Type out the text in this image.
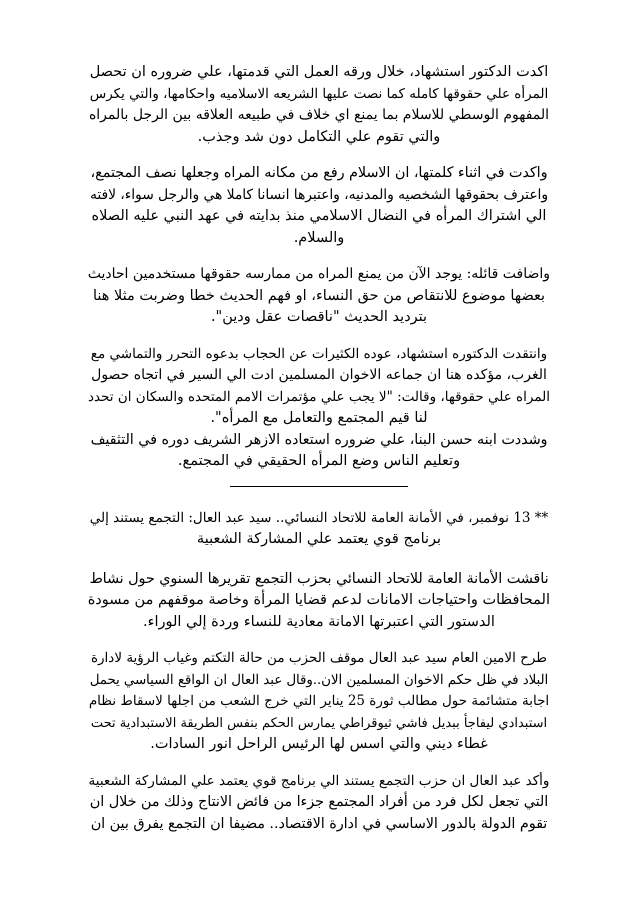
اكدت الدكتور استشهاد، خلال ورقه العمل التي قدمتها، علي ضروره ان تحصل
المرأه علي حقوقها كامله كما نصت عليها الشريعه الاسلاميه واحكامها، والتي يكرس
المفهوم الوسطي للاسلام بما يمنع اي خلاف في طبيعه العلاقه بين الرجل بالمراه
والتي تقوم علي التكامل دون شد وجذب.

واكدت في اثناء كلمتها، ان الاسلام رفع من مكانه المراه وجعلها نصف المجتمع،
واعترف بحقوقها الشخصيه والمدنيه، واعتبرها انسانا كاملا هي والرجل سواء، لافته
الي اشتراك المرأه في النضال الاسلامي منذ بدايته في عهد النبي عليه الصلاه
والسلام.

واضافت قائله: يوجد الآن من يمنع المراه من ممارسه حقوقها مستخدمين احاديث
بعضها موضوع للانتقاص من حق النساء، او فهم الحديث خطا وضربت مثلا هنا
بترديد الحديث "ناقصات عقل ودين".

وانتقدت الدكتوره استشهاد، عوده الكثيرات عن الحجاب بدعوه التحرر والتماشي مع
الغرب، مؤكده هنا ان جماعه الاخوان المسلمين ادت الي السير في اتجاه حصول
المراه علي حقوقها، وقالت: "لا يجب علي مؤتمرات الامم المتحده والسكان ان تحدد
لنا قيم المجتمع والتعامل مع المرأه".
وشددت ابنه حسن البنا، علي ضروره استعاده الازهر الشريف دوره في التثقيف
وتعليم الناس وضع المرأه الحقيقي في المجتمع.

** 13 نوفمبر، في الأمانة العامة للاتحاد النسائي.. سيد عبد العال: التجمع يستند إلي
برنامج قوي يعتمد علي المشاركة الشعبية

ناقشت الأمانة العامة للاتحاد النسائي بحزب التجمع تقريرها السنوي حول نشاط
المحافظات واحتياجات الامانات لدعم قضايا المرأة وخاصة موقفهم من مسودة
الدستور التي اعتبرتها الامانة معادية للنساء وردة إلي الوراء.

طرح الامين العام سيد عبد العال موقف الحزب من حالة التكتم وغياب الرؤية لادارة
البلاد في ظل حكم الاخوان المسلمين الان..وقال عبد العال ان الواقع السياسي يحمل
اجابة متشائمة حول مطالب ثورة 25 يناير التي خرج الشعب من اجلها لاسقاط نظام
استبدادي ليفاجأ ببديل فاشي ثيوقراطي يمارس الحكم بنفس الطريقة الاستبدادية تحت
غطاء ديني والتي اسس لها الرئيس الراحل انور السادات.

وأكد عبد العال ان حزب التجمع يستند الي برنامج قوي يعتمد علي المشاركة الشعبية
التي تجعل لكل فرد من أفراد المجتمع جزءا من فائض الانتاج وذلك من خلال ان
تقوم الدولة بالدور الاساسي في ادارة الاقتصاد.. مضيفا ان التجمع يفرق بين ان
